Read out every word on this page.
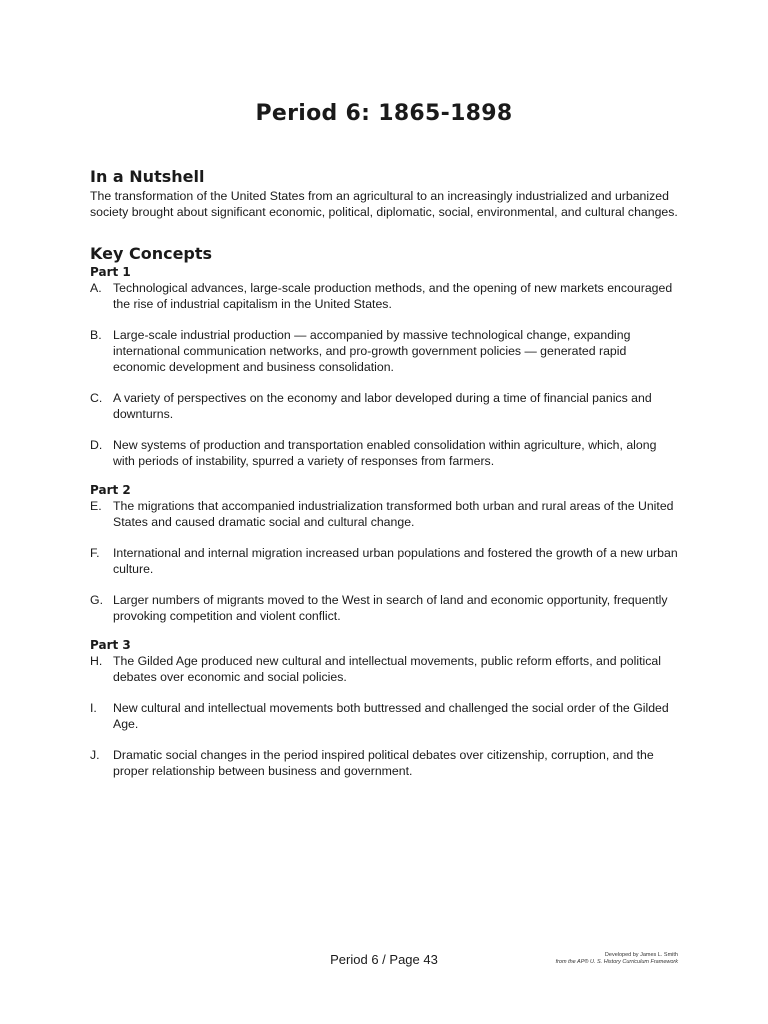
Period 6: 1865-1898
In a Nutshell

The transformation of the United States from an agricultural to an increasingly industrialized and urbanized society brought about significant economic, political, diplomatic, social, environmental, and cultural changes.

Key Concepts
Part 1
A. Technological advances, large-scale production methods, and the opening of new markets encouraged the rise of industrial capitalism in the United States.
B. Large-scale industrial production — accompanied by massive technological change, expanding international communication networks, and pro-growth government policies — generated rapid economic development and business consolidation.
C. A variety of perspectives on the economy and labor developed during a time of financial panics and downturns.
D. New systems of production and transportation enabled consolidation within agriculture, which, along with periods of instability, spurred a variety of responses from farmers.
Part 2
E. The migrations that accompanied industrialization transformed both urban and rural areas of the United States and caused dramatic social and cultural change.
F.	International and internal migration increased urban populations and fostered the growth of a new urban culture.
G. Larger numbers of migrants moved to the West in search of land and economic opportunity, frequently provoking competition and violent conflict.
Part 3
H. The Gilded Age produced new cultural and intellectual movements, public reform efforts, and political debates over economic and social policies.
I.	New cultural and intellectual movements both buttressed and challenged the social order of the Gilded Age.
J.	Dramatic social changes in the period inspired political debates over citizenship, corruption, and the proper relationship between business and government.
Period 6 / Page 43	Developed by James L. Smith
from the AP® U. S. History Curriculum Framework
